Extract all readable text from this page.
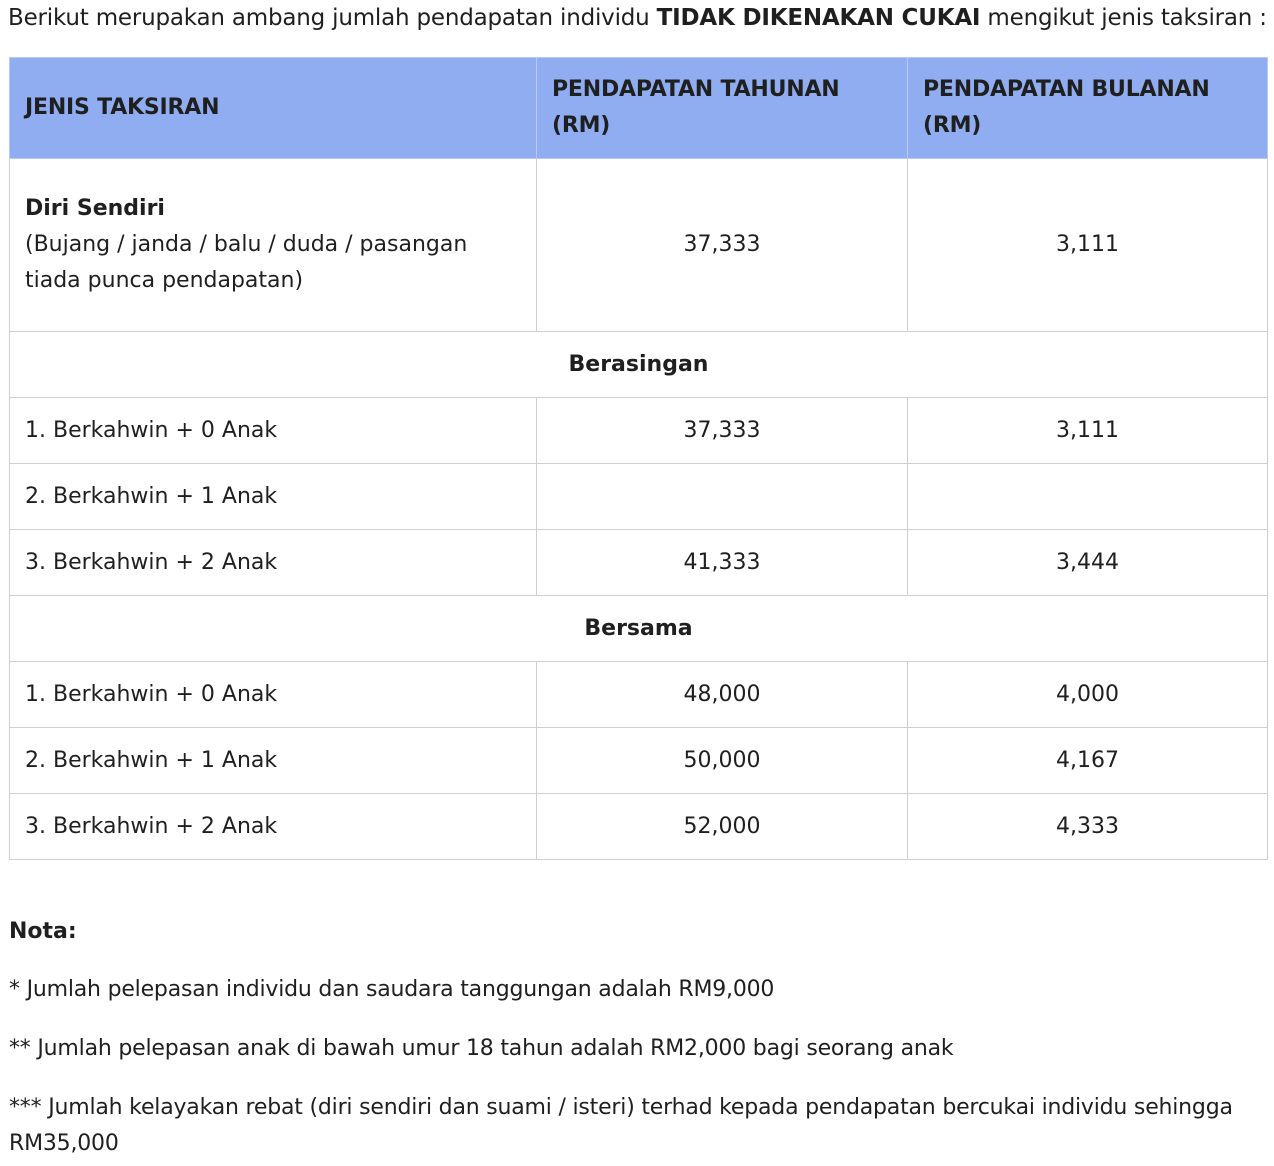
Berikut merupakan ambang jumlah pendapatan individu TIDAK DIKENAKAN CUKAI mengikut jenis taksiran :
JENIS TAKSIRAN	PENDAPATAN TAHUNAN (RM)	PENDAPATAN BULANAN (RM)

Diri Sendiri
(Bujang / janda / balu / duda / pasangan tiada punca pendapatan)	37,333	3,111
Berasingan		
1. Berkahwin + 0 Anak	37,333	3,111
2. Berkahwin + 1 Anak		
3. Berkahwin + 2 Anak	41,333	3,444
Bersama		
1. Berkahwin + 0 Anak	48,000	4,000
2. Berkahwin + 1 Anak	50,000	4,167
3. Berkahwin + 2 Anak	52,000	4,333
Nota:
* Jumlah pelepasan individu dan saudara tanggungan adalah RM9,000
** Jumlah pelepasan anak di bawah umur 18 tahun adalah RM2,000 bagi seorang anak
*** Jumlah kelayakan rebat (diri sendiri dan suami / isteri) terhad kepada pendapatan bercukai individu sehingga RM35,000
